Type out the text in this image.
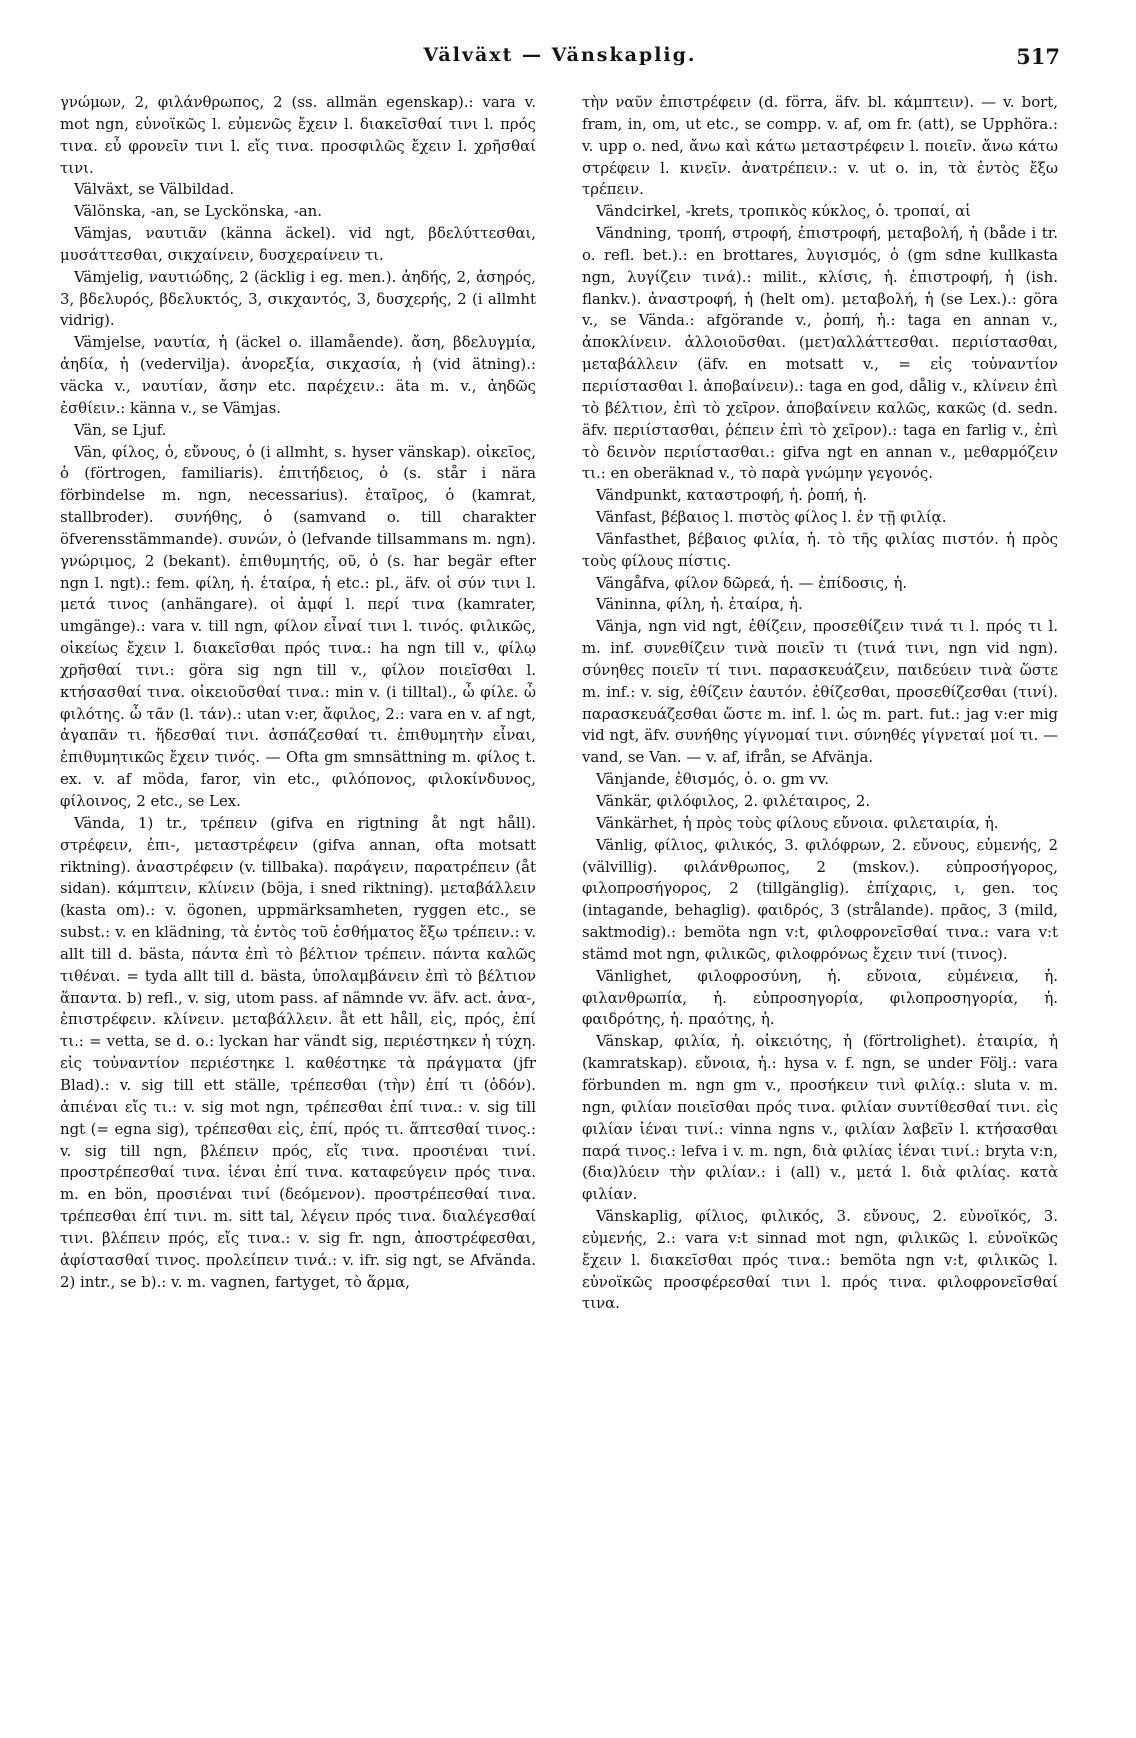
Välväxt — Vänskaplig.	517

γνώμων, 2, φιλάνθρωπος, 2 (ss. allmän egenskap).: vara v. mot ngn, εὐνοϊκῶς l. εὐμενῶς ἔχειν l. διακεῖσθαί τινι l. πρός τινα. εὖ φρονεῖν τινι l. εἴς τινα. προσφιλῶς ἔχειν l. χρῆσθαί τινι.

Välväxt, se Välbildad.

Välönska, -an, se Lyckönska, -an.

Vämjas, ναυτιᾶν (känna äckel). vid ngt, βδελύττεσθαι, μυσάττεσθαι, σικχαίνειν, δυσχεραίνειν τι.

Vämjelig, ναυτιώδης, 2 (äcklig i eg. men.). ἀηδής, 2, ἀσηρός, 3, βδελυρός, βδελυκτός, 3, σικχαντός, 3, δυσχερής, 2 (i allmht vidrig).

Vämjelse, ναυτία, ἡ (äckel o. illamående). ἄση, βδελυγμία, ἀηδία, ἡ (vedervilja). ἀνορεξία, σικχασία, ἡ (vid ätning).: väcka v., ναυτίαν, ἄσην etc. παρέχειν.: äta m. v., ἀηδῶς ἐσθίειν.: känna v., se Vämjas.

Vän, se Ljuf.

Vän, φίλος, ὁ, εὔνους, ὁ (i allmht, s. hyser vänskap). οἰκεῖος, ὁ (förtrogen, familiaris). ἐπιτήδειος, ὁ (s. står i nära förbindelse m. ngn, necessarius). ἑταῖρος, ὁ (kamrat, stallbroder). συνήθης, ὁ (samvand o. till charakter öfverensstämmande). συνών, ὁ (lefvande tillsammans m. ngn). γνώριμος, 2 (bekant). ἐπιθυμητής, οῦ, ὁ (s. har begär efter ngn l. ngt).: fem. φίλη, ἡ. ἑταίρα, ἡ etc.: pl., äfv. οἱ σύν τινι l. μετά τινος (anhängare). οἱ ἀμφί l. περί τινα (kamrater, umgänge).: vara v. till ngn, φίλον εἶναί τινι l. τινός. φιλικῶς, οἰκείως ἔχειν l. διακεῖσθαι πρός τινα.: ha ngn till v., φίλῳ χρῆσθαί τινι.: göra sig ngn till v., φίλον ποιεῖσθαι l. κτήσασθαί τινα. οἰκειοῦσθαί τινα.: min v. (i tilltal)., ὦ φίλε. ὦ φιλότης. ὦ τᾶν (l. τάν).: utan v:er, ἄφιλος, 2.: vara en v. af ngt, ἀγαπᾶν τι. ἥδεσθαί τινι. ἀσπάζεσθαί τι. ἐπιθυμητὴν εἶναι, ἐπιθυμητικῶς ἔχειν τινός. — Ofta gm smnsättning m. φίλος t. ex. v. af möda, faror, vin etc., φιλόπονος, φιλοκίνδυνος, φίλοινος, 2 etc., se Lex.

Vända, 1) tr., τρέπειν (gifva en rigtning åt ngt håll). στρέφειν, ἐπι-, μεταστρέφειν (gifva annan, ofta motsatt riktning). ἀναστρέφειν (v. tillbaka). παράγειν, παρατρέπειν (åt sidan). κάμπτειν, κλίνειν (böja, i sned riktning). μεταβάλλειν (kasta om).: v. ögonen, uppmärksamheten, ryggen etc., se subst.: v. en klädning, τὰ ἐντὸς τοῦ ἐσθήματος ἔξω τρέπειν.: v. allt till d. bästa, πάντα ἐπὶ τὸ βέλτιον τρέπειν. πάντα καλῶς τιθέναι. = tyda allt till d. bästa, ὑπολαμβάνειν ἐπὶ τὸ βέλτιον ἅπαντα. b) refl., v. sig, utom pass. af nämnde vv. äfv. act. ἀνα-, ἐπιστρέφειν. κλίνειν. μεταβάλλειν. åt ett håll, εἰς, πρός, ἐπί τι.: = vetta, se d. o.: lyckan har vändt sig, περιέστηκεν ἡ τύχη. εἰς τοὐναντίον περιέστηκε l. καθέστηκε τὰ πράγματα (jfr Blad).: v. sig till ett ställe, τρέπεσθαι (τὴν) ἐπί τι (ὁδόν). ἀπιέναι εἴς τι.: v. sig mot ngn, τρέπεσθαι ἐπί τινα.: v. sig till ngt (= egna sig), τρέπεσθαι εἰς, ἐπί, πρός τι. ἅπτεσθαί τινος.: v. sig till ngn, βλέπειν πρός, εἴς τινα. προσιέναι τινί. προστρέπεσθαί τινα. ἰέναι ἐπί τινα. καταφεύγειν πρός τινα. m. en bön, προσιέναι τινί (δεόμενον). προστρέπεσθαί τινα. τρέπεσθαι ἐπί τινι. m. sitt tal, λέγειν πρός τινα. διαλέγεσθαί τινι. βλέπειν πρός, εἴς τινα.: v. sig fr. ngn, ἀποστρέφεσθαι, ἀφίστασθαί τινος. προλείπειν τινά.: v. ifr. sig ngt, se Afvända. 2) intr., se b).: v. m. vagnen, fartyget, τὸ ἅρμα,

τὴν ναῦν ἐπιστρέφειν (d. förra, äfv. bl. κάμπτειν). — v. bort, fram, in, om, ut etc., se compp. v. af, om fr. (att), se Upphöra.: v. upp o. ned, ἄνω καὶ κάτω μεταστρέφειν l. ποιεῖν. ἄνω κάτω στρέφειν l. κινεῖν. ἀνατρέπειν.: v. ut o. in, τὰ ἐντὸς ἔξω τρέπειν.

Vändcirkel, -krets, τροπικὸς κύκλος, ὁ. τροπαί, αἱ

Vändning, τροπή, στροφή, ἐπιστροφή, μεταβολή, ἡ (både i tr. o. refl. bet.).: en brottares, λυγισμός, ὁ (gm sdne kullkasta ngn, λυγίζειν τινά).: milit., κλίσις, ἡ. ἐπιστροφή, ἡ (ish. flankv.). ἀναστροφή, ἡ (helt om). μεταβολή, ἡ (se Lex.).: göra v., se Vända.: afgörande v., ῥοπή, ἡ.: taga en annan v., ἀποκλίνειν. ἀλλοιοῦσθαι. (μετ)αλλάττεσθαι. περιίστασθαι, μεταβάλλειν (äfv. en motsatt v., = εἰς τοὐναντίον περιίστασθαι l. ἀποβαίνειν).: taga en god, dålig v., κλίνειν ἐπὶ τὸ βέλτιον, ἐπὶ τὸ χεῖρον. ἀποβαίνειν καλῶς, κακῶς (d. sedn. äfv. περιίστασθαι, ῥέπειν ἐπὶ τὸ χεῖρον).: taga en farlig v., ἐπὶ τὸ δεινὸν περιίστασθαι.: gifva ngt en annan v., μεθαρμόζειν τι.: en oberäknad v., τὸ παρὰ γνώμην γεγονός.

Vändpunkt, καταστροφή, ἡ. ῥοπή, ἡ.

Vänfast, βέβαιος l. πιστὸς φίλος l. ἐν τῇ φιλίᾳ.

Vänfasthet, βέβαιος φιλία, ἡ. τὸ τῆς φιλίας πιστόν. ἡ πρὸς τοὺς φίλους πίστις.

Vängåfva, φίλον δῶρεά, ἡ. — ἐπίδοσις, ἡ.

Väninna, φίλη, ἡ. ἑταίρα, ἡ.

Vänja, ngn vid ngt, ἐθίζειν, προσεθίζειν τινά τι l. πρός τι l. m. inf. συνεθίζειν τινὰ ποιεῖν τι (τινά τινι, ngn vid ngn). σύνηθες ποιεῖν τί τινι. παρασκευάζειν, παιδεύειν τινὰ ὥστε m. inf.: v. sig, ἐθίζειν ἑαυτόν. ἐθίζεσθαι, προσεθίζεσθαι (τινί). παρασκευάζεσθαι ὥστε m. inf. l. ὡς m. part. fut.: jag v:er mig vid ngt, äfv. συνήθης γίγνομαί τινι. σύνηθές γίγνεταί μοί τι. — vand, se Van. — v. af, ifrån, se Afvänja.

Vänjande, ἐθισμός, ὁ. o. gm vv.

Vänkär, φιλόφιλος, 2. φιλέταιρος, 2.

Vänkärhet, ἡ πρὸς τοὺς φίλους εὔνοια. φιλεταιρία, ἡ.

Vänlig, φίλιος, φιλικός, 3. φιλόφρων, 2. εὔνους, εὐμενής, 2 (välvillig). φιλάνθρωπος, 2 (mskov.). εὐπροσήγορος, φιλοπροσήγορος, 2 (tillgänglig). ἐπίχαρις, ι, gen. τος (intagande, behaglig). φαιδρός, 3 (strålande). πρᾶος, 3 (mild, saktmodig).: bemöta ngn v:t, φιλοφρονεῖσθαί τινα.: vara v:t stämd mot ngn, φιλικῶς, φιλοφρόνως ἔχειν τινί (τινος).

Vänlighet, φιλοφροσύνη, ἡ. εὔνοια, εὐμένεια, ἡ. φιλανθρωπία, ἡ. εὐπροσηγορία, φιλοπροσηγορία, ἡ. φαιδρότης, ἡ. πραότης, ἡ.

Vänskap, φιλία, ἡ. οἰκειότης, ἡ (förtrolighet). ἑταιρία, ἡ (kamratskap). εὔνοια, ἡ.: hysa v. f. ngn, se under Följ.: vara förbunden m. ngn gm v., προσήκειν τινὶ φιλίᾳ.: sluta v. m. ngn, φιλίαν ποιεῖσθαι πρός τινα. φιλίαν συντίθεσθαί τινι. εἰς φιλίαν ἰέναι τινί.: vinna ngns v., φιλίαν λαβεῖν l. κτήσασθαι παρά τινος.: lefva i v. m. ngn, διὰ φιλίας ἰέναι τινί.: bryta v:n, (δια)λύειν τὴν φιλίαν.: i (all) v., μετά l. διὰ φιλίας. κατὰ φιλίαν.

Vänskaplig, φίλιος, φιλικός, 3. εὔνους, 2. εὐνοϊκός, 3. εὐμενής, 2.: vara v:t sinnad mot ngn, φιλικῶς l. εὐνοϊκῶς ἔχειν l. διακεῖσθαι πρός τινα.: bemöta ngn v:t, φιλικῶς l. εὐνοϊκῶς προσφέρεσθαί τινι l. πρός τινα. φιλοφρονεῖσθαί τινα.
